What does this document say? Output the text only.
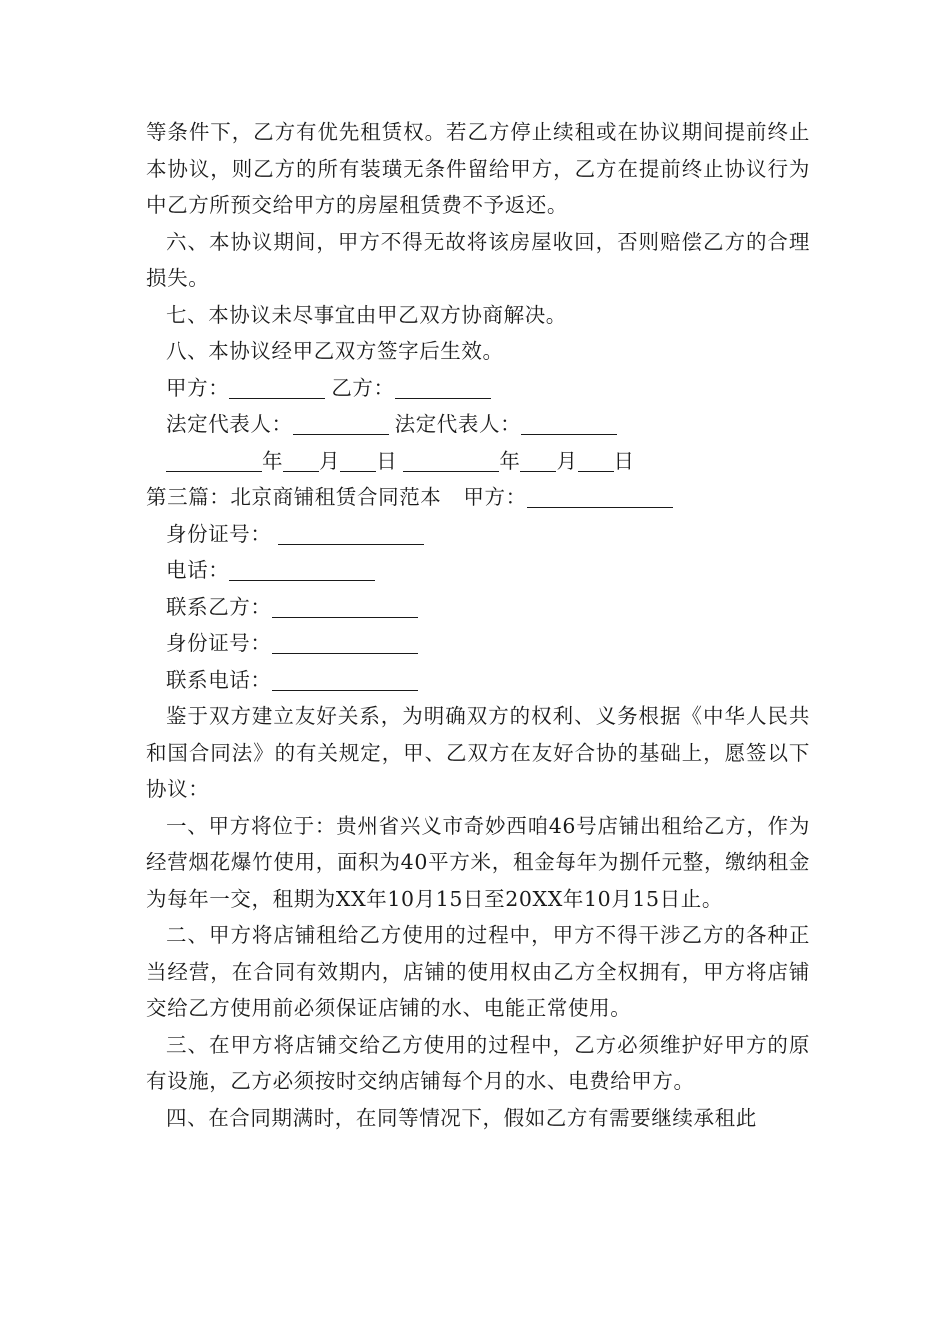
等条件下，乙方有优先租赁权。若乙方停止续租或在协议期间提前终止本协议，则乙方的所有装璜无条件留给甲方，乙方在提前终止协议行为中乙方所预交给甲方的房屋租赁费不予返还。

六、本协议期间，甲方不得无故将该房屋收回，否则赔偿乙方的合理损失。

七、本协议未尽事宜由甲乙双方协商解决。

八、本协议经甲乙双方签字后生效。

甲方：	乙方：

法定代表人：	法定代表人：

年 月 日	年 月 日

第三篇：北京商铺租赁合同范本 甲方：

身份证号：

电话：

联系乙方：

身份证号：

联系电话：

鉴于双方建立友好关系，为明确双方的权利、义务根据《中华人民共和国合同法》的有关规定，甲、乙双方在友好合协的基础上，愿签以下协议：

一、甲方将位于：贵州省兴义市奇妙西咱46号店铺出租给乙方，作为经营烟花爆竹使用，面积为40平方米，租金每年为捌仟元整，缴纳租金为每年一交，租期为XX年10月15日至20XX年10月15日止。

二、甲方将店铺租给乙方使用的过程中，甲方不得干涉乙方的各种正当经营，在合同有效期内，店铺的使用权由乙方全权拥有，甲方将店铺交给乙方使用前必须保证店铺的水、电能正常使用。

三、在甲方将店铺交给乙方使用的过程中，乙方必须维护好甲方的原有设施，乙方必须按时交纳店铺每个月的水、电费给甲方。

四、在合同期满时，在同等情况下，假如乙方有需要继续承租此
